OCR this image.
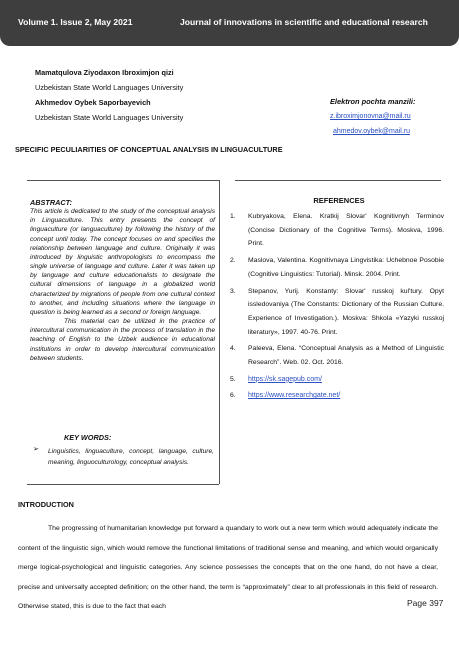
Volume 1. Issue 2, May 2021	Journal of innovations in scientific and educational research
Mamatqulova Ziyodaxon Ibroximjon qizi
Uzbekistan State World Languages University
Akhmedov Oybek Saporbayevich
Uzbekistan State World Languages University
Elektron pochta manzili:
z.ibroximjonovna@mail.ru
ahmedov.oybek@mail.ru
SPECIFIC PECULIARITIES OF CONCEPTUAL ANALYSIS IN LINGUACULTURE

ABSTRACT:

This article is dedicated to the study of the conceptual analysis in Linguaculture. This entry presents the concept of linguaculture (or languaculture) by following the history of the concept until today. The concept focuses on and specifies the relationship between language and culture. Originally it was introduced by linguistic anthropologists to encompass the single universe of language and culture. Later it was taken up by language and culture educationalists to designate the cultural dimensions of language in a globalized world characterized by migrations of people from one cultural context to another, and including situations where the language in question is being learned as a second or foreign language.

This material can be utilized in the practice of intercultural communication in the process of translation in the teaching of English to the Uzbek audience in educational institutions in order to develop intercultural communication between students.

KEY WORDS:
➢ Linguistics, linguaculture, concept, language, culture, meaning, linguoculturology, conceptual analysis.
REFERENCES
1. Kubryakova, Elena. Kratkij Slovar' Kognitivnyh Terminov (Concise Dictionary of the Cognitive Terms). Moskva, 1996. Print.
2. Maslova, Valentina. Kognitivnaya Lingvistika: Uchebnoe Posobie (Cognitive Linguistics: Tutorial). Minsk. 2004. Print.
3. Stepanov, Yurij. Konstanty: Slovar' russkoj kul'tury. Opyt issledovaniya (The Constants: Dictionary of the Russian Culture. Experience of Investigation.). Moskva: Shkola «Yazyki russkoj literatury», 1997. 40-76. Print.
4. Paleeva, Elena. “Conceptual Analysis as a Method of Linguistic Research”. Web. 02. Oct. 2016.
5. https://sk.sagepub.com/
6. https://www.researchgate.net/
INTRODUCTION

The progressing of humanitarian knowledge put forward a quandary to work out a new term which would adequately indicate the content of the linguistic sign, which would remove the functional limitations of traditional sense and meaning, and which would organically merge logical-psychological and linguistic categories. Any science possesses the concepts that on the one hand, do not have a clear, precise and universally accepted definition; on the other hand, the term is “approximately” clear to all professionals in this field of research. Otherwise stated, this is due to the fact that each	Page 397
